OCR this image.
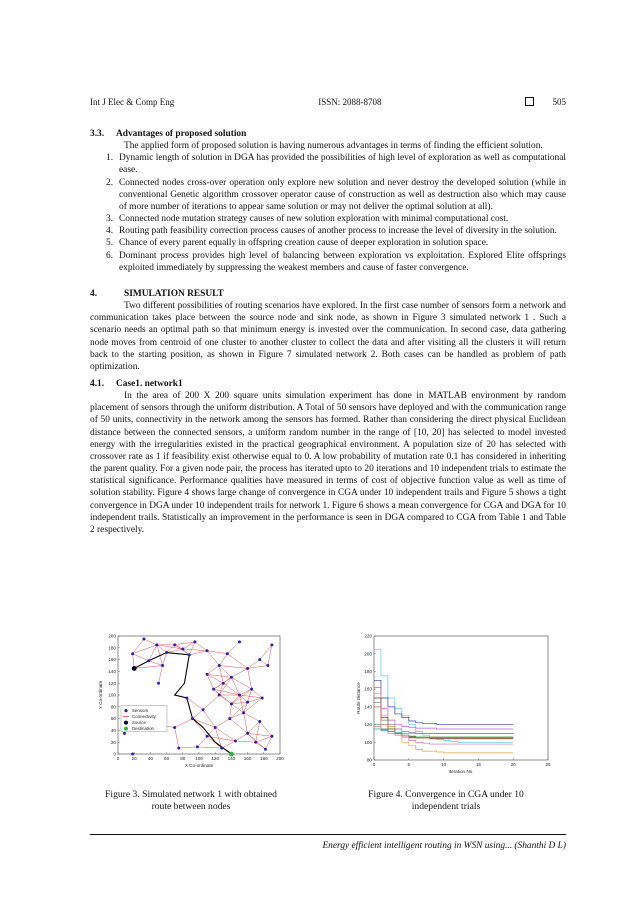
Int J Elec & Comp Eng	ISSN: 2088-8708	505
3.3. Advantages of proposed solution

The applied form of proposed solution is having numerous advantages in terms of finding the efficient solution.

1. Dynamic length of solution in DGA has provided the possibilities of high level of exploration as well as computational ease.
2. Connected nodes cross-over operation only explore new solution and never destroy the developed solution (while in conventional Genetic algorithm crossover operator cause of construction as well as destruction also which may cause of more number of iterations to appear same solution or may not deliver the optimal solution at all).
3. Connected node mutation strategy causes of new solution exploration with minimal computational cost.
4. Routing path feasibility correction process causes of another process to increase the level of diversity in the solution.
5. Chance of every parent equally in offspring creation cause of deeper exploration in solution space.
6. Dominant process provides high level of balancing between exploration vs exploitation. Explored Elite offsprings exploited immediately by suppressing the weakest members and cause of faster convergence.
4.	SIMULATION RESULT

Two different possibilities of routing scenarios have explored. In the first case number of sensors form a network and communication takes place between the source node and sink node, as shown in Figure 3 simulated network 1 . Such a scenario needs an optimal path so that minimum energy is invested over the communication. In second case, data gathering node moves from centroid of one cluster to another cluster to collect the data and after visiting all the clusters it will return back to the starting position, as shown in Figure 7 simulated network 2. Both cases can be handled as problem of path optimization.

4.1. Case1. network1

In the area of 200 X 200 square units simulation experiment has done in MATLAB environment by random placement of sensors through the uniform distribution. A Total of 50 sensors have deployed and with the communication range of 50 units, connectivity in the network among the sensors has formed. Rather than considering the direct physical Euclidean distance between the connected sensors, a uniform random number in the range of [10, 20] has selected to model invested energy with the irregularities existed in the practical geographical environment. A population size of 20 has selected with crossover rate as 1 if feasibility exist otherwise equal to 0. A low probability of mutation rate 0.1 has considered in inheriting the parent quality. For a given node pair, the process has iterated upto to 20 iterations and 10 independent trials to estimate the statistical significance. Performance qualities have measured in terms of cost of objective function value as well as time of solution stability. Figure 4 shows large change of convergence in CGA under 10 independent trails and Figure 5 shows a tight convergence in DGA under 10 independent trails for network 1. Figure 6 shows a mean convergence for CGA and DGA for 10 independent trails. Statistically an improvement in the performance is seen in DGA compared to CGA from Table 1 and Table 2 respectively.

0	20 40 60 80 100 120 140 160 180 200
0
20
40
60
80
100
120
140
160
180
200
X Co-ordinate
Y Co-ordinate
Sensors
Connectivity
Source
Destination
Figure 3. Simulated network 1 with obtained route between nodes
0	5	10	15	20	25
80
100
120
140
160
180
200
220
Iteration No.
Route Distance
Figure 4. Convergence in CGA under 10 independent trials
Energy efficient intelligent routing in WSN using... (Shanthi D L)
